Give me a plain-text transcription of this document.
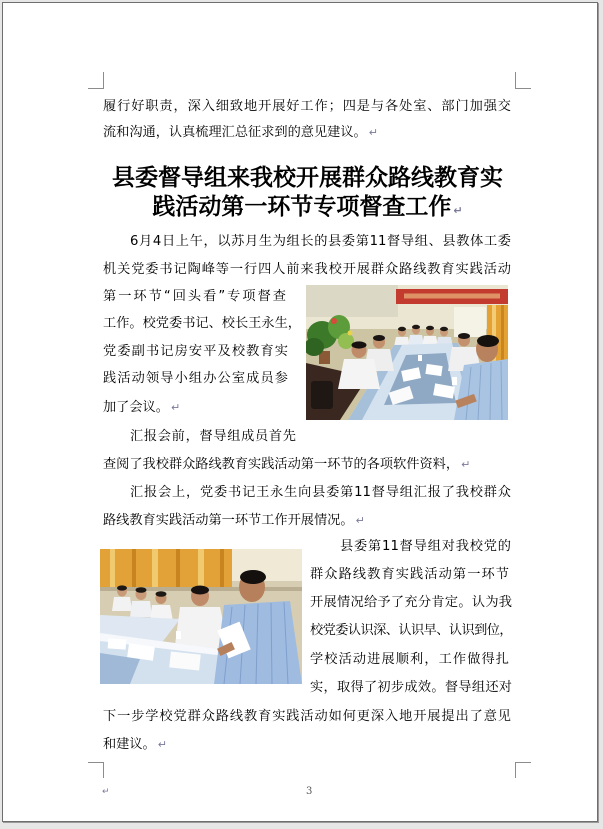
履行好职责，深入细致地开展好工作；四是与各处室、部门加强交
流和沟通，认真梳理汇总征求到的意见建议。 ↵
县委督导组来我校开展群众路线教育实
践活动第一环节专项督查工作 ↵
6月4日上午，以苏月生为组长的县委第11督导组、县教体工委
机关党委书记陶峰等一行四人前来我校开展群众路线教育实践活动
第一环节“回头看”专项督查
工作。校党委书记、校长王永生，
党委副书记房安平及校教育实
践活动领导小组办公室成员参
加了会议。 ↵
汇报会前，督导组成员首先
查阅了我校群众路线教育实践活动第一环节的各项软件资料， ↵
汇报会上，党委书记王永生向县委第11督导组汇报了我校群众
路线教育实践活动第一环节工作开展情况。 ↵
县委第11督导组对我校党的
群众路线教育实践活动第一环节
开展情况给予了充分肯定。认为我
校党委认识深、认识早、认识到位，
学校活动进展顺利，工作做得扎
实，取得了初步成效。督导组还对
下一步学校党群众路线教育实践活动如何更深入地开展提出了意见
和建议。 ↵
↵	3
